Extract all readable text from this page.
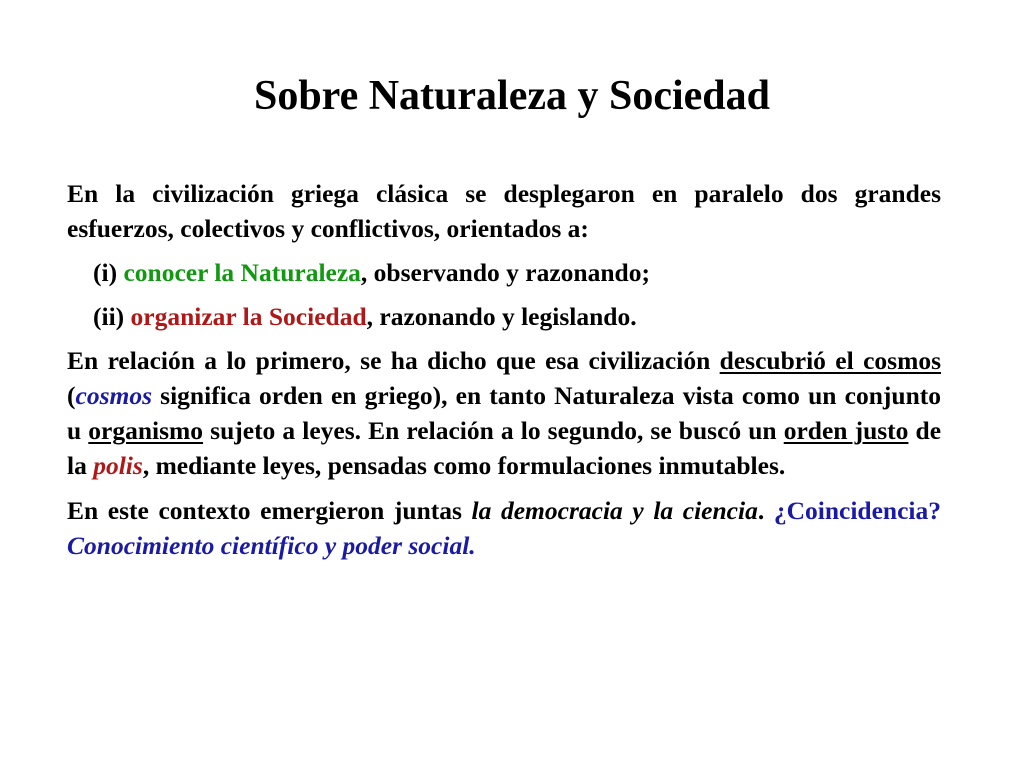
Sobre Naturaleza y Sociedad

En la civilización griega clásica se desplegaron en paralelo dos grandes esfuerzos, colectivos y conflictivos, orientados a:

(i) conocer la Naturaleza, observando y razonando;

(ii) organizar la Sociedad, razonando y legislando.

En relación a lo primero, se ha dicho que esa civilización descubrió el cosmos (cosmos significa orden en griego), en tanto Naturaleza vista como un conjunto u organismo sujeto a leyes. En relación a lo segundo, se buscó un orden justo de la polis, mediante leyes, pensadas como formulaciones inmutables.

En este contexto emergieron juntas la democracia y la ciencia. ¿Coincidencia? Conocimiento científico y poder social.
